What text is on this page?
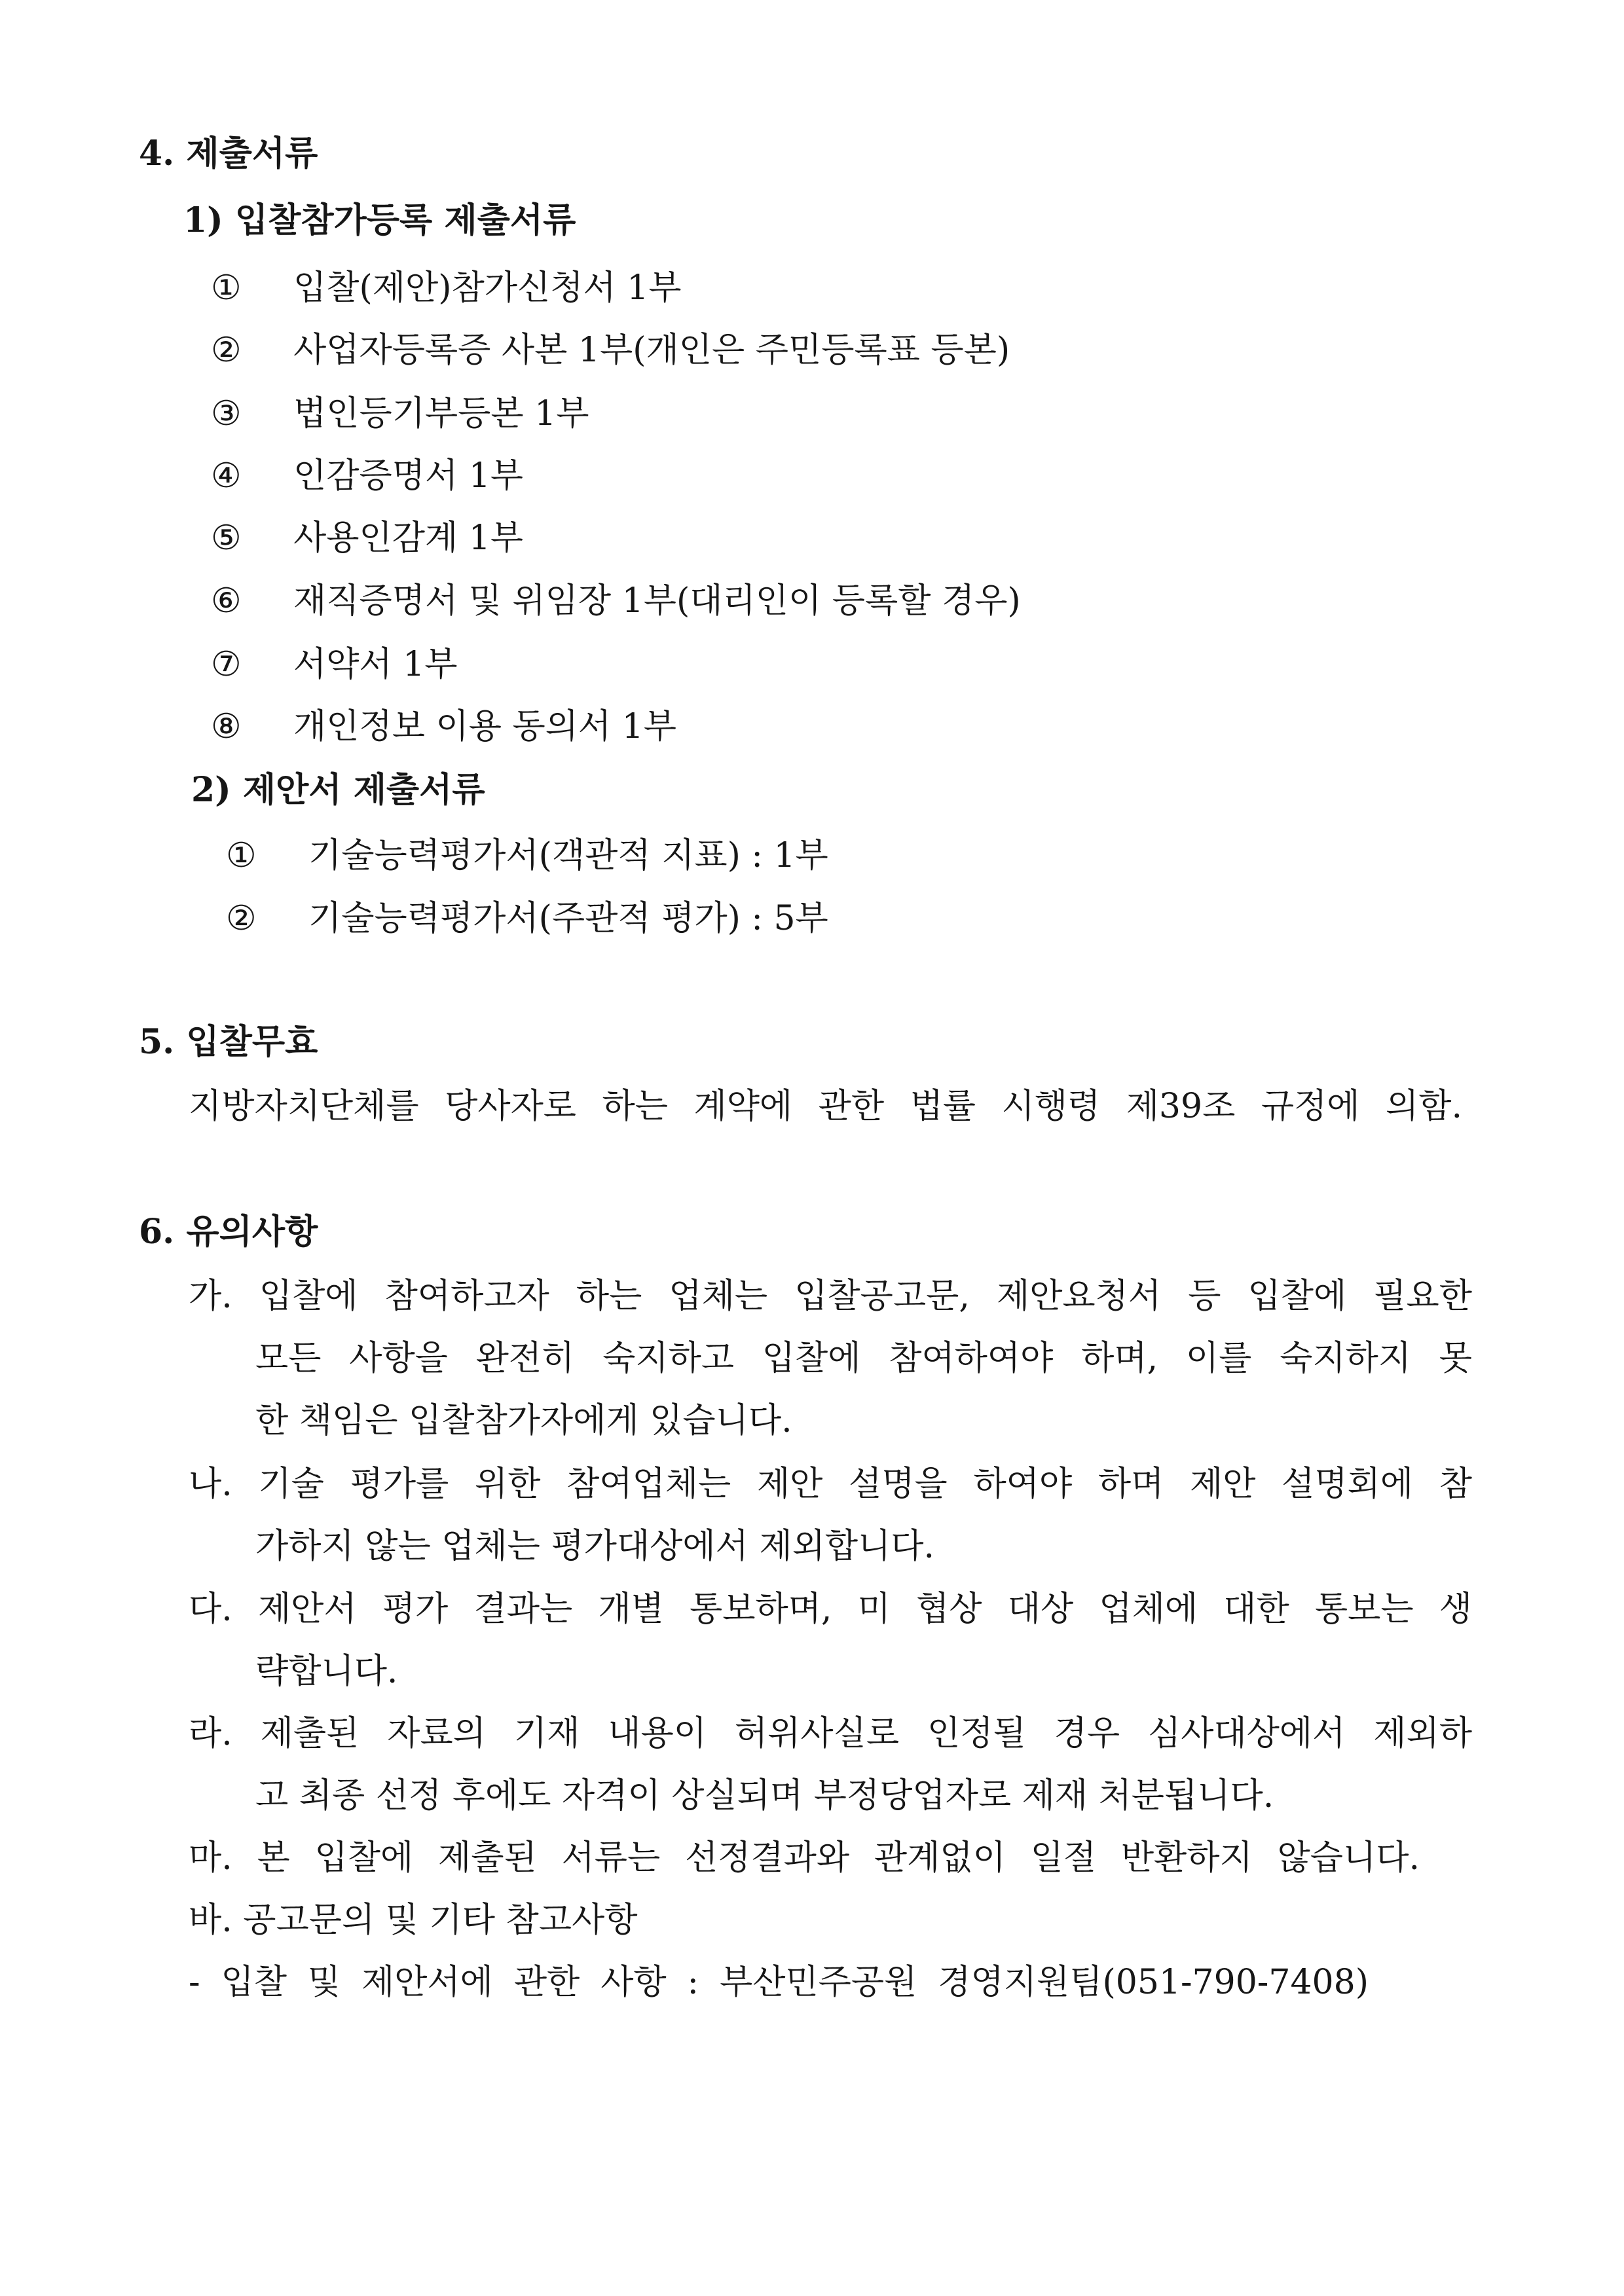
4. 제출서류
1) 입찰참가등록 제출서류
① 입찰(제안)참가신청서 1부
② 사업자등록증 사본 1부(개인은 주민등록표 등본)
③ 법인등기부등본 1부
④ 인감증명서 1부
⑤ 사용인감계 1부
⑥ 재직증명서 및 위임장 1부(대리인이 등록할 경우)
⑦ 서약서 1부
⑧ 개인정보 이용 동의서 1부
2) 제안서 제출서류
① 기술능력평가서(객관적 지표) : 1부
② 기술능력평가서(주관적 평가) : 5부
5. 입찰무효
지방자치단체를 당사자로 하는 계약에 관한 법률 시행령 제39조 규정에 의함.
6. 유의사항
가. 입찰에 참여하고자 하는 업체는 입찰공고문, 제안요청서 등 입찰에 필요한
모든 사항을 완전히 숙지하고 입찰에 참여하여야 하며, 이를 숙지하지 못
한 책임은 입찰참가자에게 있습니다.
나. 기술 평가를 위한 참여업체는 제안 설명을 하여야 하며 제안 설명회에 참
가하지 않는 업체는 평가대상에서 제외합니다.
다. 제안서 평가 결과는 개별 통보하며, 미 협상 대상 업체에 대한 통보는 생
략합니다.
라. 제출된 자료의 기재 내용이 허위사실로 인정될 경우 심사대상에서 제외하
고 최종 선정 후에도 자격이 상실되며 부정당업자로 제재 처분됩니다.
마. 본 입찰에 제출된 서류는 선정결과와 관계없이 일절 반환하지 않습니다.
바. 공고문의 및 기타 참고사항
- 입찰 및 제안서에 관한 사항 : 부산민주공원 경영지원팀(051-790-7408)
